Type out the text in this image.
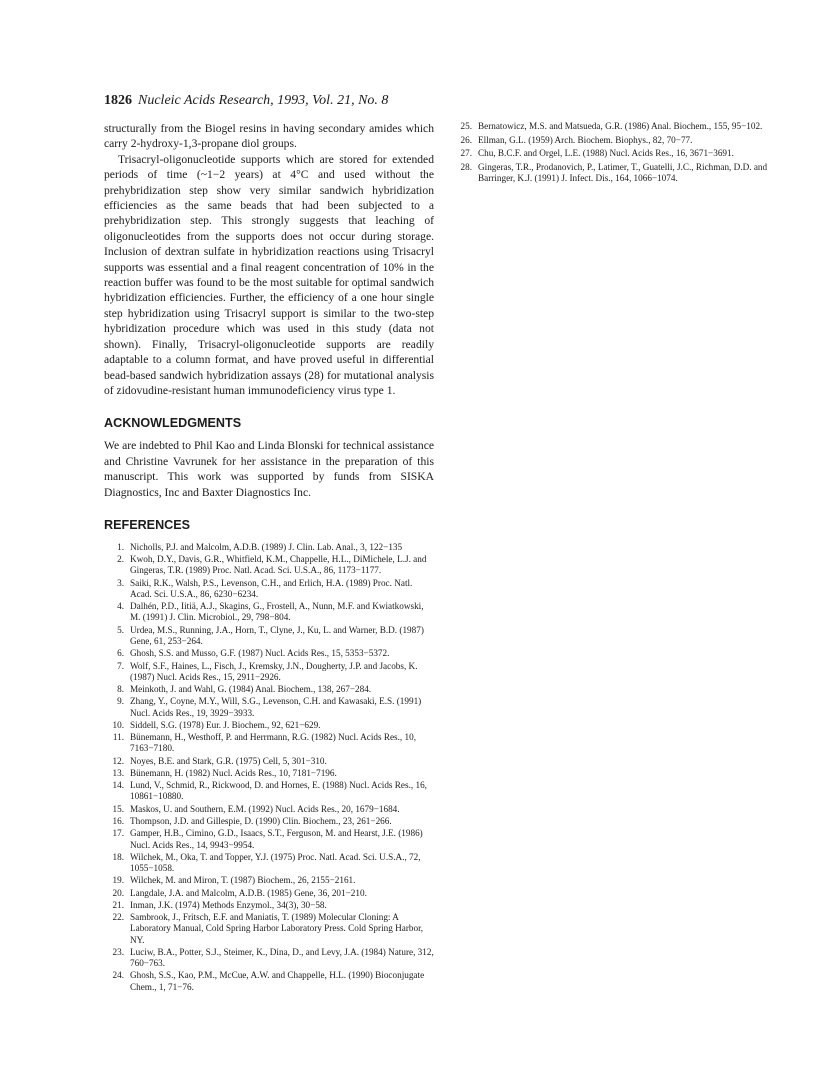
1826 Nucleic Acids Research, 1993, Vol. 21, No. 8

structurally from the Biogel resins in having secondary amides which carry 2-hydroxy-1,3-propane diol groups.

Trisacryl-oligonucleotide supports which are stored for extended periods of time (~1−2 years) at 4°C and used without the prehybridization step show very similar sandwich hybridization efficiencies as the same beads that had been subjected to a prehybridization step. This strongly suggests that leaching of oligonucleotides from the supports does not occur during storage. Inclusion of dextran sulfate in hybridization reactions using Trisacryl supports was essential and a final reagent concentration of 10% in the reaction buffer was found to be the most suitable for optimal sandwich hybridization efficiencies. Further, the efficiency of a one hour single step hybridization using Trisacryl support is similar to the two-step hybridization procedure which was used in this study (data not shown). Finally, Trisacryl-oligonucleotide supports are readily adaptable to a column format, and have proved useful in differential bead-based sandwich hybridization assays (28) for mutational analysis of zidovudine-resistant human immunodeficiency virus type 1.

ACKNOWLEDGMENTS

We are indebted to Phil Kao and Linda Blonski for technical assistance and Christine Vavrunek for her assistance in the preparation of this manuscript. This work was supported by funds from SISKA Diagnostics, Inc and Baxter Diagnostics Inc.

REFERENCES
1. Nicholls, P.J. and Malcolm, A.D.B. (1989) J. Clin. Lab. Anal., 3, 122−135
2. Kwoh, D.Y., Davis, G.R., Whitfield, K.M., Chappelle, H.L., DiMichele, L.J. and Gingeras, T.R. (1989) Proc. Natl. Acad. Sci. U.S.A., 86, 1173−1177.
3. Saiki, R.K., Walsh, P.S., Levenson, C.H., and Erlich, H.A. (1989) Proc. Natl. Acad. Sci. U.S.A., 86, 6230−6234.
4. Dalhén, P.D., Iitiä, A.J., Skagins, G., Frostell, A., Nunn, M.F. and Kwiatkowski, M. (1991) J. Clin. Microbiol., 29, 798−804.
5. Urdea, M.S., Running, J.A., Horn, T., Clyne, J., Ku, L. and Warner, B.D. (1987) Gene, 61, 253−264.
6. Ghosh, S.S. and Musso, G.F. (1987) Nucl. Acids Res., 15, 5353−5372.
7. Wolf, S.F., Haines, L., Fisch, J., Kremsky, J.N., Dougherty, J.P. and Jacobs, K. (1987) Nucl. Acids Res., 15, 2911−2926.
8. Meinkoth, J. and Wahl, G. (1984) Anal. Biochem., 138, 267−284.
9. Zhang, Y., Coyne, M.Y., Will, S.G., Levenson, C.H. and Kawasaki, E.S. (1991) Nucl. Acids Res., 19, 3929−3933.
10. Siddell, S.G. (1978) Eur. J. Biochem., 92, 621−629.
11. Bünemann, H., Westhoff, P. and Herrmann, R.G. (1982) Nucl. Acids Res., 10, 7163−7180.
12. Noyes, B.E. and Stark, G.R. (1975) Cell, 5, 301−310.
13. Bünemann, H. (1982) Nucl. Acids Res., 10, 7181−7196.
14. Lund, V., Schmid, R., Rickwood, D. and Hornes, E. (1988) Nucl. Acids Res., 16, 10861−10880.
15. Maskos, U. and Southern, E.M. (1992) Nucl. Acids Res., 20, 1679−1684.
16. Thompson, J.D. and Gillespie, D. (1990) Clin. Biochem., 23, 261−266.
17. Gamper, H.B., Cimino, G.D., Isaacs, S.T., Ferguson, M. and Hearst, J.E. (1986) Nucl. Acids Res., 14, 9943−9954.
18. Wilchek, M., Oka, T. and Topper, Y.J. (1975) Proc. Natl. Acad. Sci. U.S.A., 72, 1055−1058.
19. Wilchek, M. and Miron, T. (1987) Biochem., 26, 2155−2161.
20. Langdale, J.A. and Malcolm, A.D.B. (1985) Gene, 36, 201−210.
21. Inman, J.K. (1974) Methods Enzymol., 34(3), 30−58.
22. Sambrook, J., Fritsch, E.F. and Maniatis, T. (1989) Molecular Cloning: A Laboratory Manual, Cold Spring Harbor Laboratory Press. Cold Spring Harbor, NY.
23. Luciw, B.A., Potter, S.J., Steimer, K., Dina, D., and Levy, J.A. (1984) Nature, 312, 760−763.
24. Ghosh, S.S., Kao, P.M., McCue, A.W. and Chappelle, H.L. (1990) Bioconjugate Chem., 1, 71−76.
25. Bernatowicz, M.S. and Matsueda, G.R. (1986) Anal. Biochem., 155, 95−102.
26. Ellman, G.L. (1959) Arch. Biochem. Biophys., 82, 70−77.
27. Chu, B.C.F. and Orgel, L.E. (1988) Nucl. Acids Res., 16, 3671−3691.
28. Gingeras, T.R., Prodanovich, P., Latimer, T., Guatelli, J.C., Richman, D.D. and Barringer, K.J. (1991) J. Infect. Dis., 164, 1066−1074.
